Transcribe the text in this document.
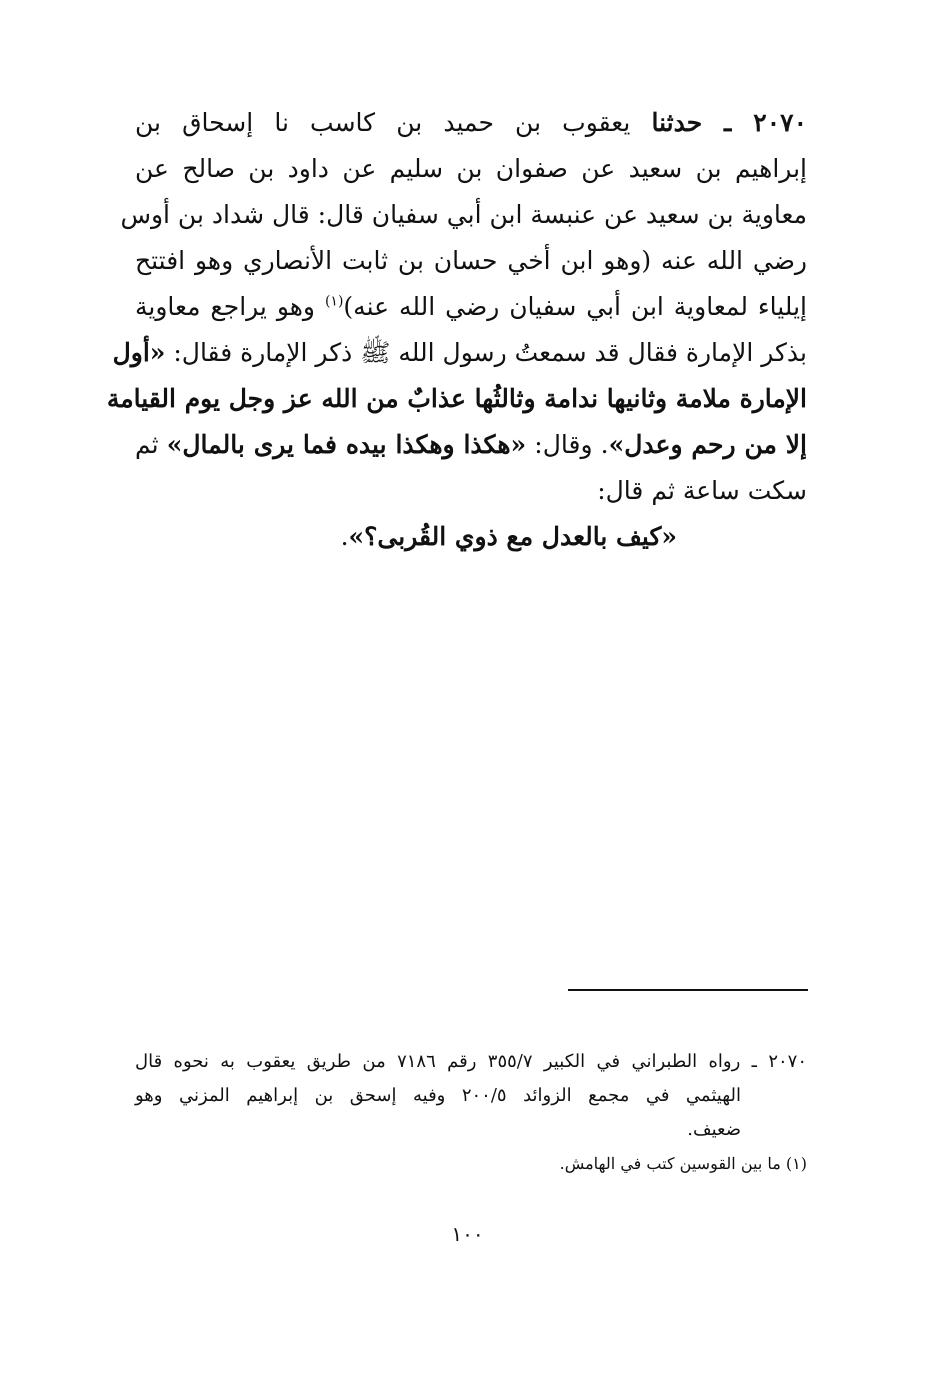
٢٠٧٠ ـ حدثنا يعقوب بن حميد بن كاسب نا إسحاق بن
إبراهيم بن سعيد عن صفوان بن سليم عن داود بن صالح عن
معاوية بن سعيد عن عنبسة ابن أبي سفيان قال: قال شداد بن أوس
رضي الله عنه (وهو ابن أخي حسان بن ثابت الأنصاري وهو افتتح
إيلياء لمعاوية ابن أبي سفيان رضي الله عنه)$^{(١)}$ وهو يراجع معاوية
بذكر الإمارة فقال قد سمعتُ رسول الله ﷺ ذكر الإمارة فقال: «أول
الإمارة ملامة وثانيها ندامة وثالثُها عذابٌ من الله عز وجل يوم القيامة
إلا من رحم وعدل». وقال: «هكذا وهكذا بيده فما يرى بالمال» ثم
سكت ساعة ثم قال:
«كيف بالعدل مع ذوي القُربى؟».
٢٠٧٠ ـ رواه الطبراني في الكبير ٣٥٥/٧ رقم ٧١٨٦ من طريق يعقوب به نحوه قال
الهيثمي في مجمع الزوائد ٢٠٠/٥ وفيه إسحق بن إبراهيم المزني وهو
ضعيف.
(١) ما بين القوسين كتب في الهامش.
١٠٠
